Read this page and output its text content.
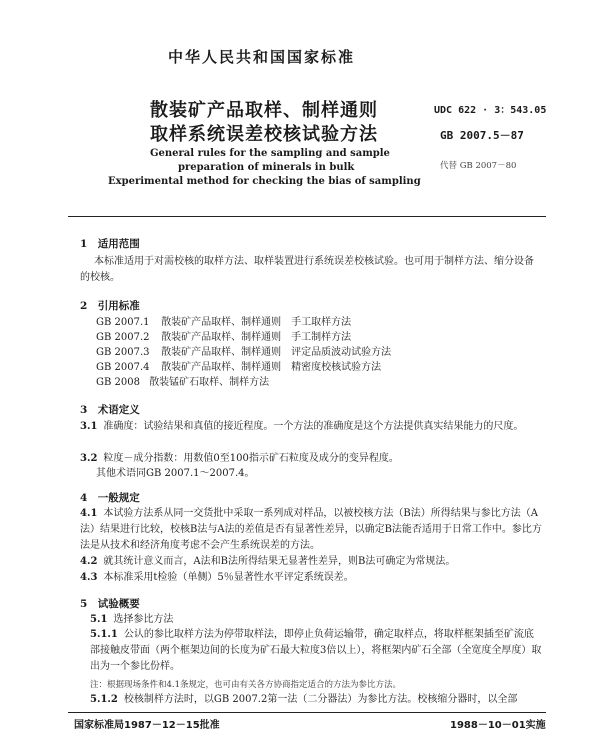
中华人民共和国国家标准
散装矿产品取样、制样通则
取样系统误差校核试验方法
UDC 622 · 3：543.05
GB 2007.5－87
代替 GB 2007－80
General rules for the sampling and sample
preparation of minerals in bulk
Experimental method for checking the bias of sampling
1　适用范围
本标准适用于对需校核的取样方法、取样装置进行系统误差校核试验。也可用于制样方法、缩分设备的校核。
2　引用标准
GB 2007.1 散装矿产品取样、制样通则　手工取样方法
GB 2007.2 散装矿产品取样、制样通则　手工制样方法
GB 2007.3 散装矿产品取样、制样通则　评定品质波动试验方法
GB 2007.4 散装矿产品取样、制样通则　精密度校核试验方法
GB 2008 散装锰矿石取样、制样方法
3　术语定义
3.1 准确度：试验结果和真值的接近程度。一个方法的准确度是这个方法提供真实结果能力的尺度。
3.2 粒度－成分指数：用数值0至100指示矿石粒度及成分的变异程度。
其他术语同GB 2007.1～2007.4。
4　一般规定
4.1 本试验方法系从同一交货批中采取一系列成对样品，以被校核方法（B法）所得结果与参比方法（A法）结果进行比较，校核B法与A法的差值是否有显著性差异，以确定B法能否适用于日常工作中。参比方法是从技术和经济角度考虑不会产生系统误差的方法。
4.2 就其统计意义而言，A法和B法所得结果无显著性差异，则B法可确定为常规法。
4.3 本标准采用t检验（单侧）5％显著性水平评定系统误差。
5　试验概要
5.1 选择参比方法
5.1.1 公认的参比取样方法为停带取样法，即停止负荷运输带，确定取样点，将取样框架插至矿流底部接触皮带面（两个框架边间的长度为矿石最大粒度3倍以上），将框架内矿石全部（全宽度全厚度）取出为一个参比份样。
注：根据现场条件和4.1条规定，也可由有关各方协商指定适合的方法为参比方法。
5.1.2 校核制样方法时，以GB 2007.2第一法（二分器法）为参比方法。校核缩分器时，以全部
国家标准局1987－12－15批准	1988－10－01实施
